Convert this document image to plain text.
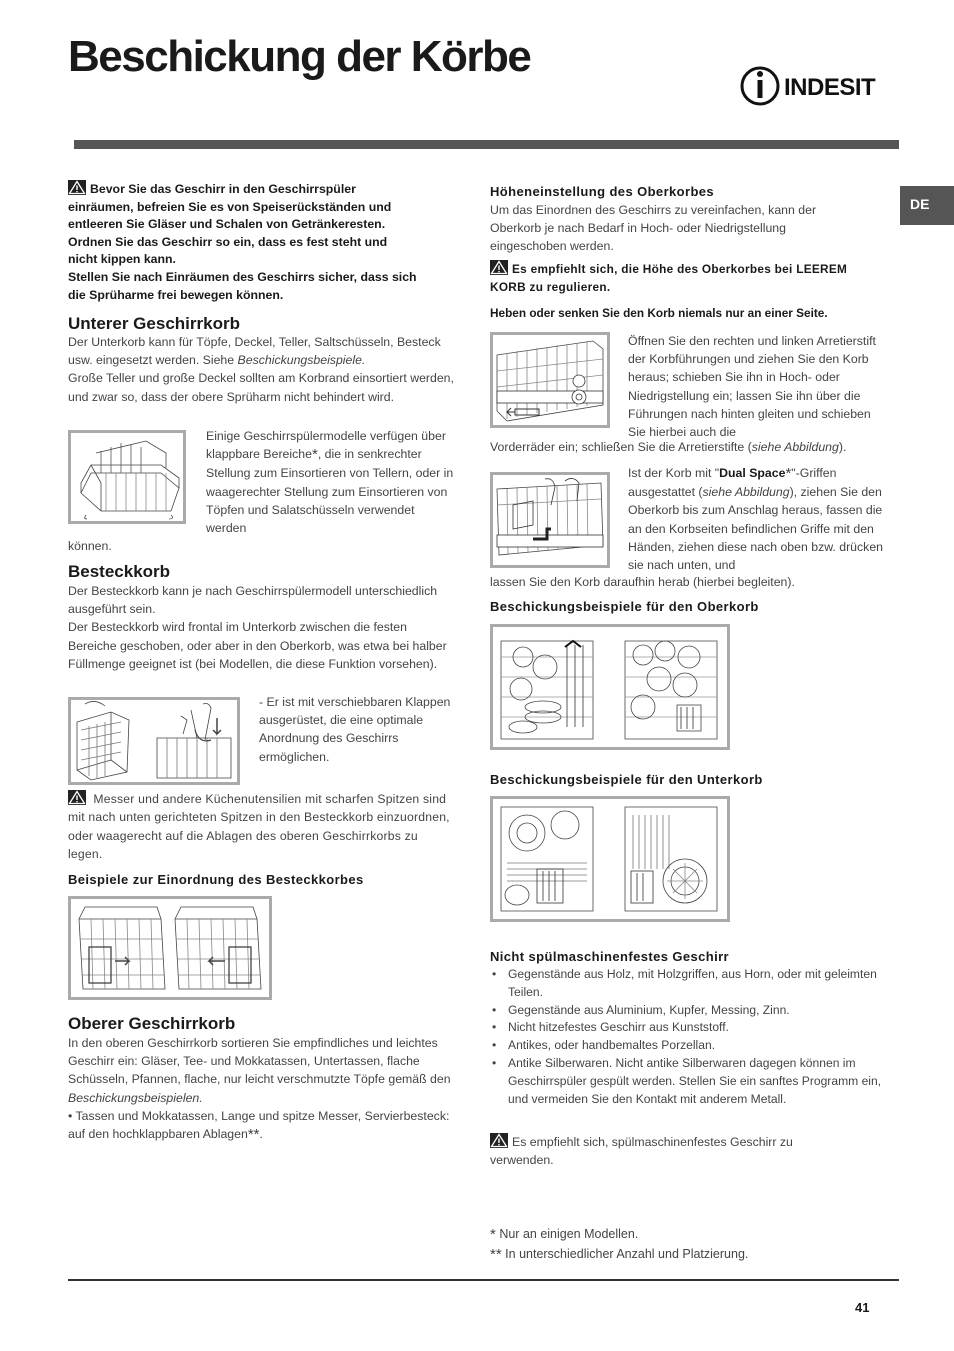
Beschickung der Körbe
INDESIT
DE
Bevor Sie das Geschirr in den Geschirrspüler
einräumen, befreien Sie es von Speiserückständen und
entleeren Sie Gläser und Schalen von Getränkeresten.
Ordnen Sie das Geschirr so ein, dass es fest steht und
nicht kippen kann.
Stellen Sie nach Einräumen des Geschirrs sicher, dass sich
die Sprüharme frei bewegen können.
Unterer Geschirrkorb
Der Unterkorb kann für Töpfe, Deckel, Teller, Saltschüsseln, Besteck usw. eingesetzt werden. Siehe Beschickungsbeispiele.
Große Teller und große Deckel sollten am Korbrand einsortiert werden, und zwar so, dass der obere Sprüharm nicht behindert wird.
Einige Geschirrspülermodelle verfügen über klappbare Bereiche*, die in senkrechter Stellung zum Einsortieren von Tellern, oder in waagerechter Stellung zum Einsortieren von Töpfen und Salatschüsseln verwendet werden
können.
Besteckkorb
Der Besteckkorb kann je nach Geschirrspülermodell unterschiedlich ausgeführt sein.
Der Besteckkorb wird frontal im Unterkorb zwischen die festen Bereiche geschoben, oder aber in den Oberkorb, was etwa bei halber Füllmenge geeignet ist (bei Modellen, die diese Funktion vorsehen).
- Er ist mit verschiebbaren Klappen ausgerüstet, die eine optimale Anordnung des Geschirrs ermöglichen.
Messer und andere Küchenutensilien mit scharfen Spitzen sind mit nach unten gerichteten Spitzen in den Besteckkorb einzuordnen, oder waagerecht auf die Ablagen des oberen Geschirrkorbs zu legen.
Beispiele zur Einordnung des Besteckkorbes
Oberer Geschirrkorb
In den oberen Geschirrkorb sortieren Sie empfindliches und leichtes Geschirr ein: Gläser, Tee- und Mokkatassen, Untertassen, flache Schüsseln, Pfannen, flache, nur leicht verschmutzte Töpfe gemäß den Beschickungsbeispielen.
• Tassen und Mokkatassen, Lange und spitze Messer, Servierbesteck: auf den hochklappbaren Ablagen**.
Höheneinstellung des Oberkorbes
Um das Einordnen des Geschirrs zu vereinfachen, kann der Oberkorb je nach Bedarf in Hoch- oder Niedrigstellung eingeschoben werden.
Es empfiehlt sich, die Höhe des Oberkorbes bei LEEREM KORB zu regulieren.
Heben oder senken Sie den Korb niemals nur an einer Seite.
Öffnen Sie den rechten und linken Arretierstift der Korbführungen und ziehen Sie den Korb heraus; schieben Sie ihn in Hoch- oder Niedrigstellung ein; lassen Sie ihn über die Führungen nach hinten gleiten und schieben Sie hierbei auch die
Vorderräder ein; schließen Sie die Arretierstifte (siehe Abbildung).
Ist der Korb mit "Dual Space*"-Griffen ausgestattet (siehe Abbildung), ziehen Sie den Oberkorb bis zum Anschlag heraus, fassen die an den Korbseiten befindlichen Griffe mit den Händen, ziehen diese nach oben bzw. drücken sie nach unten, und
lassen Sie den Korb daraufhin herab (hierbei begleiten).
Beschickungsbeispiele für den Oberkorb
Beschickungsbeispiele für den Unterkorb
Nicht spülmaschinenfestes Geschirr
• Gegenstände aus Holz, mit Holzgriffen, aus Horn, oder mit geleimten Teilen.
• Gegenstände aus Aluminium, Kupfer, Messing, Zinn.
• Nicht hitzefestes Geschirr aus Kunststoff.
• Antikes, oder handbemaltes Porzellan.
• Antike Silberwaren. Nicht antike Silberwaren dagegen können im Geschirrspüler gespült werden. Stellen Sie ein sanftes Programm ein, und vermeiden Sie den Kontakt mit anderem Metall.
Es empfiehlt sich, spülmaschinenfestes Geschirr zu verwenden.
* Nur an einigen Modellen.
** In unterschiedlicher Anzahl und Platzierung.
41
